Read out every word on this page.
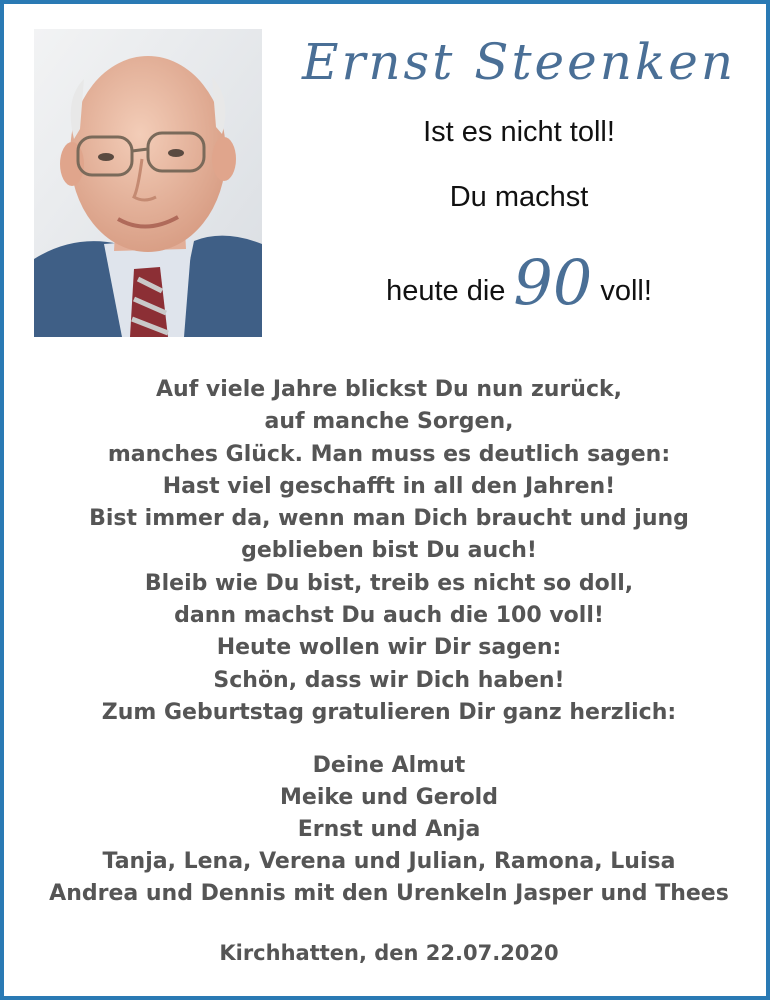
Ernst Steenken
Ist es nicht toll!
Du machst
heute die 90 voll!
Auf viele Jahre blickst Du nun zurück,
auf manche Sorgen,
manches Glück. Man muss es deutlich sagen:
Hast viel geschafft in all den Jahren!
Bist immer da, wenn man Dich braucht und jung
geblieben bist Du auch!
Bleib wie Du bist, treib es nicht so doll,
dann machst Du auch die 100 voll!
Heute wollen wir Dir sagen:
Schön, dass wir Dich haben!
Zum Geburtstag gratulieren Dir ganz herzlich:
Deine Almut
Meike und Gerold
Ernst und Anja
Tanja, Lena, Verena und Julian, Ramona, Luisa
Andrea und Dennis mit den Urenkeln Jasper und Thees
Kirchhatten, den 22.07.2020
